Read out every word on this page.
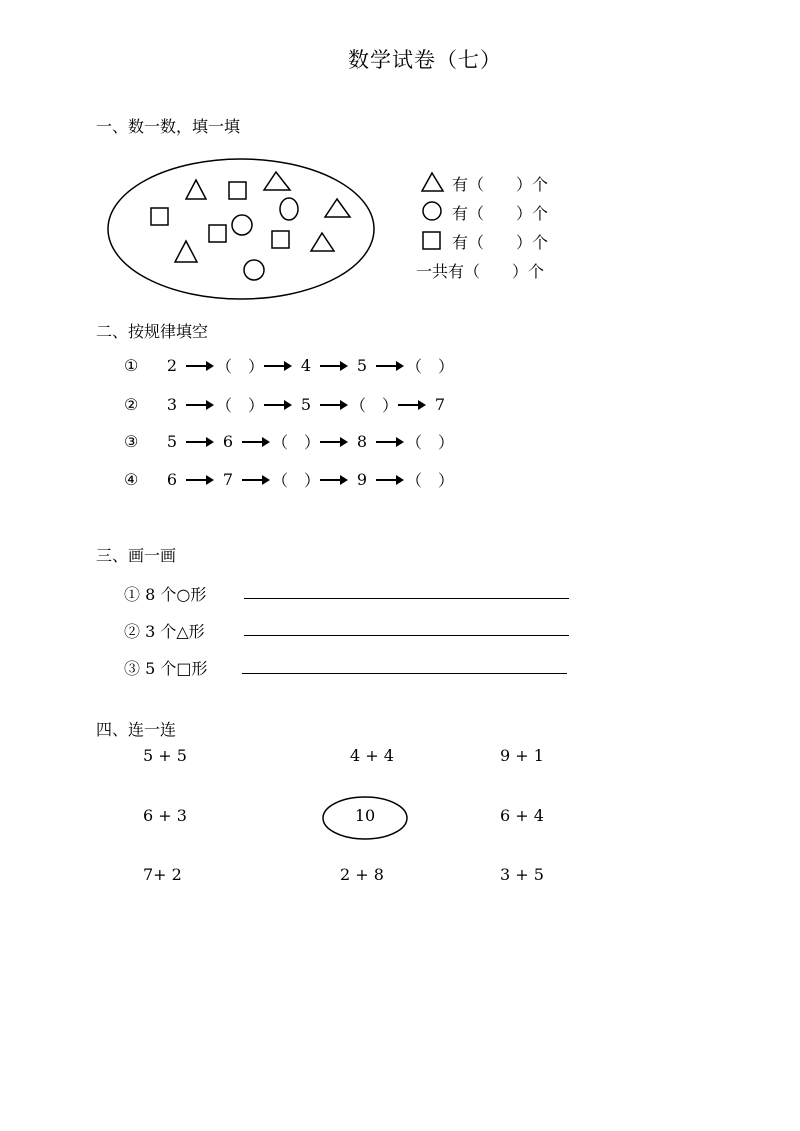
数学试卷（七）
一、数一数，填一填
有（　　）个
有（　　）个
有（　　）个
一共有（　　）个
二、按规律填空
①	2	（　）	4	5	（　）
②	3	（　）	5	（　）	7
③	5	6	（　）	8	（　）
④	6	7	（　）	9	（　）
三、画一画
① 8 个○形
② 3 个△形
③ 5 个□形
四、连一连
5 + 5	4 + 4	9 + 1
6 + 3	10	6 + 4
7+ 2	2 + 8	3 + 5
